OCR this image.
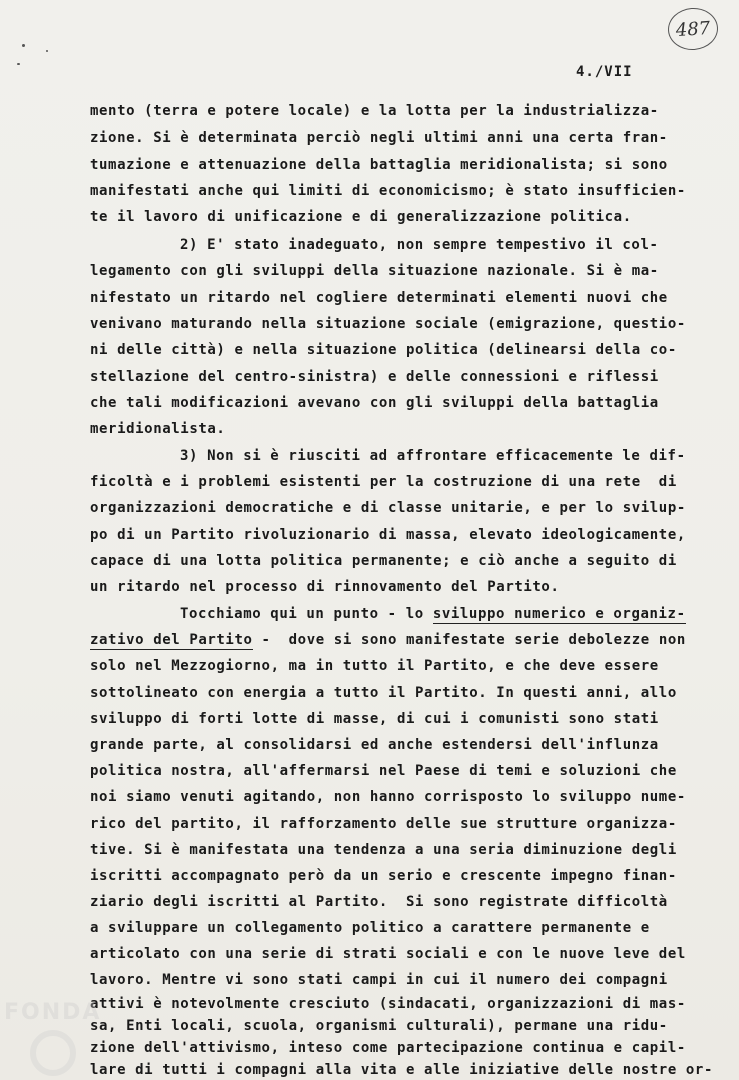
487
4./VII

mento (terra e potere locale) e la lotta per la industrializza-

zione. Si è determinata perciò negli ultimi anni una certa fran-

tumazione e attenuazione della battaglia meridionalista; si sono

manifestati anche qui limiti di economicismo; è stato insufficien-

te il lavoro di unificazione e di generalizzazione politica.

2) E' stato inadeguato, non sempre tempestivo il col-

legamento con gli sviluppi della situazione nazionale. Si è ma-

nifestato un ritardo nel cogliere determinati elementi nuovi che

venivano maturando nella situazione sociale (emigrazione, questio-

ni delle città) e nella situazione politica (delinearsi della co-

stellazione del centro-sinistra) e delle connessioni e riflessi

che tali modificazioni avevano con gli sviluppi della battaglia

meridionalista.

3) Non si è riusciti ad affrontare efficacemente le dif-

ficoltà e i problemi esistenti per la costruzione di una rete  di

organizzazioni democratiche e di classe unitarie, e per lo svilup-

po di un Partito rivoluzionario di massa, elevato ideologicamente,

capace di una lotta politica permanente; e ciò anche a seguito di

un ritardo nel processo di rinnovamento del Partito.

Tocchiamo qui un punto - lo sviluppo numerico e organiz-

zativo del Partito -  dove si sono manifestate serie debolezze non

solo nel Mezzogiorno, ma in tutto il Partito, e che deve essere

sottolineato con energia a tutto il Partito. In questi anni, allo

sviluppo di forti lotte di masse, di cui i comunisti sono stati

grande parte, al consolidarsi ed anche estendersi dell'influnza

politica nostra, all'affermarsi nel Paese di temi e soluzioni che

noi siamo venuti agitando, non hanno corrisposto lo sviluppo nume-

rico del partito, il rafforzamento delle sue strutture organizza-

tive. Si è manifestata una tendenza a una seria diminuzione degli

iscritti accompagnato però da un serio e crescente impegno finan-

ziario degli iscritti al Partito.  Si sono registrate difficoltà

a sviluppare un collegamento politico a carattere permanente e

articolato con una serie di strati sociali e con le nuove leve del

lavoro. Mentre vi sono stati campi in cui il numero dei compagni

attivi è notevolmente cresciuto (sindacati, organizzazioni di mas-

sa, Enti locali, scuola, organismi culturali), permane una ridu-

zione dell'attivismo, inteso come partecipazione continua e capil-

lare di tutti i compagni alla vita e alle iniziative delle nostre or-

FONDA
